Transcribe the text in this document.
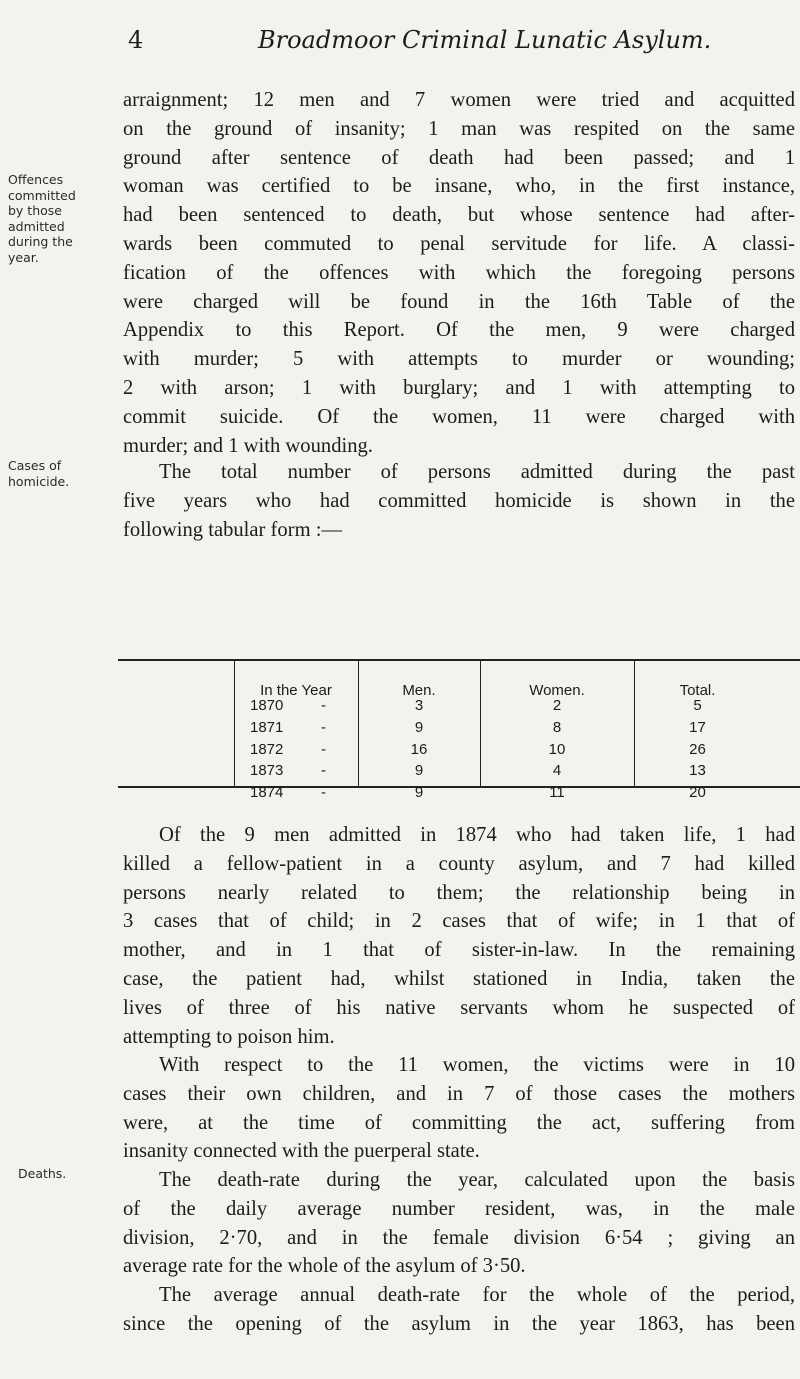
4	Broadmoor Criminal Lunatic Asylum.
Offences
committed
by those
admitted
during the
year.
Cases of
homicide.
Deaths.
arraignment; 12 men and 7 women were tried and acquitted
on the ground of insanity; 1 man was respited on the same
ground after sentence of death had been passed; and 1
woman was certified to be insane, who, in the first instance,
had been sentenced to death, but whose sentence had after-
wards been commuted to penal servitude for life. A classi-
fication of the offences with which the foregoing persons
were charged will be found in the 16th Table of the
Appendix to this Report. Of the men, 9 were charged
with murder; 5 with attempts to murder or wounding;
2 with arson; 1 with burglary; and 1 with attempting to
commit suicide. Of the women, 11 were charged with
murder; and 1 with wounding.
The total number of persons admitted during the past
five years who had committed homicide is shown in the
following tabular form :—
In the Year	Men.	Women.	Total.
1870	-	3	2	5
1871	-	9	8	17
1872	-	16	10	26
1873	-	9	4	13
1874	-	9	11	20
Of the 9 men admitted in 1874 who had taken life, 1 had
killed a fellow-patient in a county asylum, and 7 had killed
persons nearly related to them; the relationship being in
3 cases that of child; in 2 cases that of wife; in 1 that of
mother, and in 1 that of sister-in-law. In the remaining
case, the patient had, whilst stationed in India, taken the
lives of three of his native servants whom he suspected of
attempting to poison him.
With respect to the 11 women, the victims were in 10
cases their own children, and in 7 of those cases the mothers
were, at the time of committing the act, suffering from
insanity connected with the puerperal state.
The death-rate during the year, calculated upon the basis
of the daily average number resident, was, in the male
division, 2·70, and in the female division 6·54 ; giving an
average rate for the whole of the asylum of 3·50.
The average annual death-rate for the whole of the period,
since the opening of the asylum in the year 1863, has been
